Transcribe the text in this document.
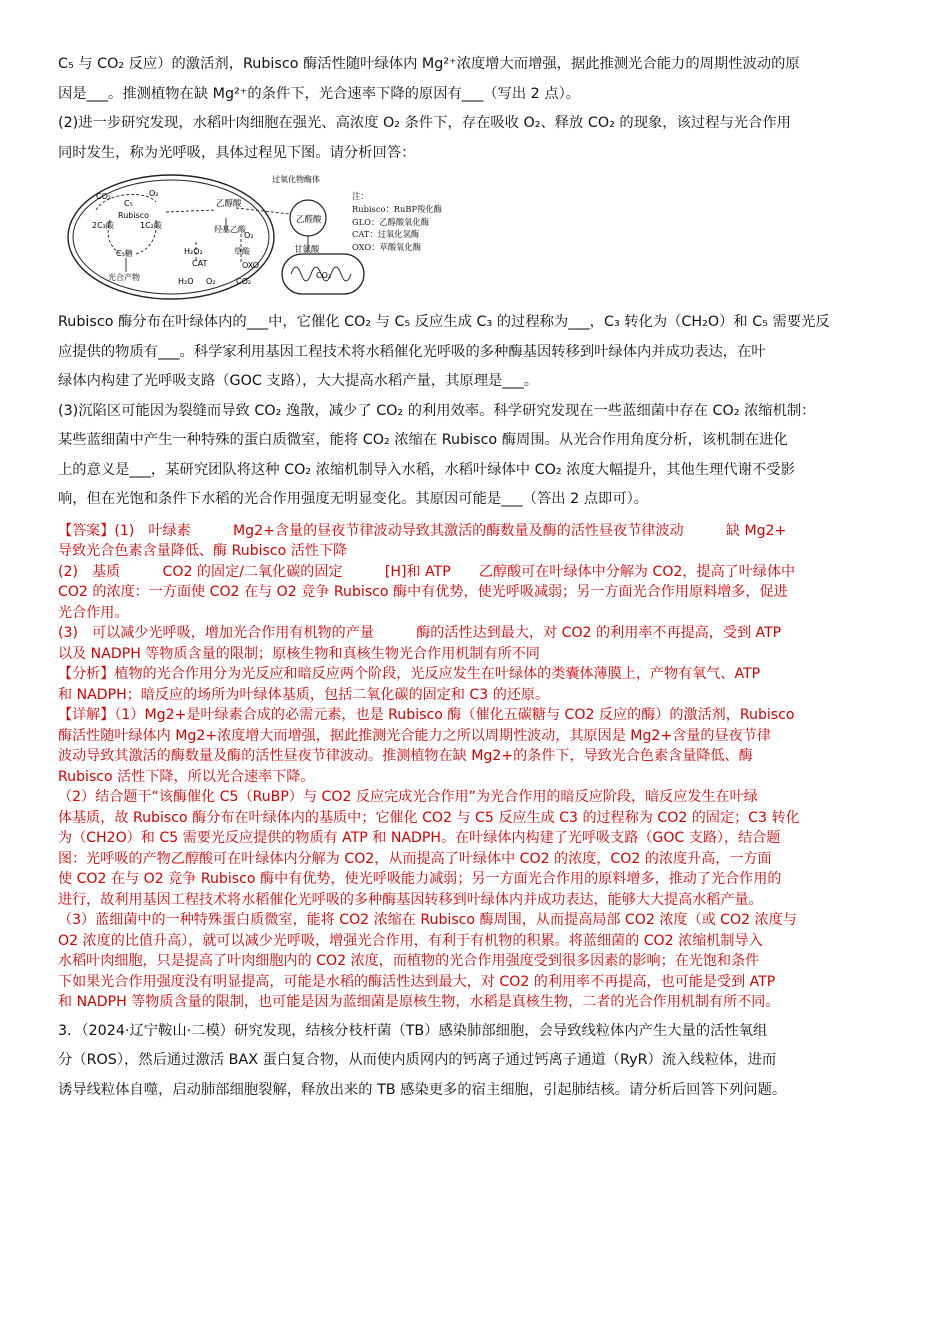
C₅ 与 CO₂ 反应）的激活剂，Rubisco 酶活性随叶绿体内 Mg²⁺浓度增大而增强，据此推测光合能力的周期性波动的原

因是___。推测植物在缺 Mg²⁺的条件下，光合速率下降的原因有___（写出 2 点）。

(2)进一步研究发现，水稻叶肉细胞在强光、高浓度 O₂ 条件下，存在吸收 O₂、释放 CO₂ 的现象，该过程与光合作用

同时发生，称为光呼吸，具体过程见下图。请分析回答：

CO₂
C₅
O₂
Rubisco
2C₃酸	1C₂酸
C₅糖
光合产物
乙醇酸
羟基乙酸
O₂
H₂O₂
CAT
H₂O O₂
草酸
OXO
CO₂
过氧化物酶体
乙醛酸
甘氨酸
CO₂
注：
Rubisco：RuBP羧化酶
GLO：乙醇酸氧化酶
CAT：过氧化氢酶
OXO：草酸氧化酶

Rubisco 酶分布在叶绿体内的___中，它催化 CO₂ 与 C₅ 反应生成 C₃ 的过程称为___，C₃ 转化为（CH₂O）和 C₅ 需要光反

应提供的物质有___。科学家利用基因工程技术将水稻催化光呼吸的多种酶基因转移到叶绿体内并成功表达，在叶

绿体内构建了光呼吸支路（GOC 支路），大大提高水稻产量，其原理是___。

(3)沉陷区可能因为裂缝而导致 CO₂ 逸散，减少了 CO₂ 的利用效率。科学研究发现在一些蓝细菌中存在 CO₂ 浓缩机制：

某些蓝细菌中产生一种特殊的蛋白质微室，能将 CO₂ 浓缩在 Rubisco 酶周围。从光合作用角度分析，该机制在进化

上的意义是___，某研究团队将这种 CO₂ 浓缩机制导入水稻，水稻叶绿体中 CO₂ 浓度大幅提升，其他生理代谢不受影

响，但在光饱和条件下水稻的光合作用强度无明显变化。其原因可能是___（答出 2 点即可）。

【答案】(1)　叶绿素　　　Mg2+含量的昼夜节律波动导致其激活的酶数量及酶的活性昼夜节律波动　　　缺 Mg2+

导致光合色素含量降低、酶 Rubisco 活性下降

(2)　基质　　　CO2 的固定/二氧化碳的固定　　　[H]和 ATP　　乙醇酸可在叶绿体中分解为 CO2，提高了叶绿体中

CO2 的浓度：一方面使 CO2 在与 O2 竞争 Rubisco 酶中有优势，使光呼吸减弱；另一方面光合作用原料增多，促进

光合作用。

(3)　可以减少光呼吸，增加光合作用有机物的产量　　　酶的活性达到最大，对 CO2 的利用率不再提高，受到 ATP

以及 NADPH 等物质含量的限制；原核生物和真核生物光合作用机制有所不同

【分析】植物的光合作用分为光反应和暗反应两个阶段，光反应发生在叶绿体的类囊体薄膜上，产物有氧气、ATP

和 NADPH；暗反应的场所为叶绿体基质，包括二氧化碳的固定和 C3 的还原。

【详解】（1）Mg2+是叶绿素合成的必需元素，也是 Rubisco 酶（催化五碳糖与 CO2 反应的酶）的激活剂，Rubisco

酶活性随叶绿体内 Mg2+浓度增大而增强，据此推测光合能力之所以周期性波动，其原因是 Mg2+含量的昼夜节律

波动导致其激活的酶数量及酶的活性昼夜节律波动。推测植物在缺 Mg2+的条件下，导致光合色素含量降低、酶

Rubisco 活性下降，所以光合速率下降。

（2）结合题干“该酶催化 C5（RuBP）与 CO2 反应完成光合作用”为光合作用的暗反应阶段，暗反应发生在叶绿

体基质，故 Rubisco 酶分布在叶绿体内的基质中；它催化 CO2 与 C5 反应生成 C3 的过程称为 CO2 的固定；C3 转化

为（CH2O）和 C5 需要光反应提供的物质有 ATP 和 NADPH。在叶绿体内构建了光呼吸支路（GOC 支路），结合题

图：光呼吸的产物乙醇酸可在叶绿体内分解为 CO2，从而提高了叶绿体中 CO2 的浓度，CO2 的浓度升高，一方面

使 CO2 在与 O2 竞争 Rubisco 酶中有优势，使光呼吸能力减弱；另一方面光合作用的原料增多，推动了光合作用的

进行，故利用基因工程技术将水稻催化光呼吸的多种酶基因转移到叶绿体内并成功表达，能够大大提高水稻产量。

（3）蓝细菌中的一种特殊蛋白质微室，能将 CO2 浓缩在 Rubisco 酶周围，从而提高局部 CO2 浓度（或 CO2 浓度与

O2 浓度的比值升高），就可以减少光呼吸，增强光合作用，有利于有机物的积累。将蓝细菌的 CO2 浓缩机制导入

水稻叶肉细胞，只是提高了叶肉细胞内的 CO2 浓度，而植物的光合作用强度受到很多因素的影响；在光饱和条件

下如果光合作用强度没有明显提高，可能是水稻的酶活性达到最大，对 CO2 的利用率不再提高，也可能是受到 ATP

和 NADPH 等物质含量的限制，也可能是因为蓝细菌是原核生物，水稻是真核生物，二者的光合作用机制有所不同。

3．（2024·辽宁鞍山·二模）研究发现，结核分枝杆菌（TB）感染肺部细胞，会导致线粒体内产生大量的活性氧组

分（ROS），然后通过激活 BAX 蛋白复合物，从而使内质网内的钙离子通过钙离子通道（RyR）流入线粒体，进而

诱导线粒体自噬，启动肺部细胞裂解，释放出来的 TB 感染更多的宿主细胞，引起肺结核。请分析后回答下列问题。
